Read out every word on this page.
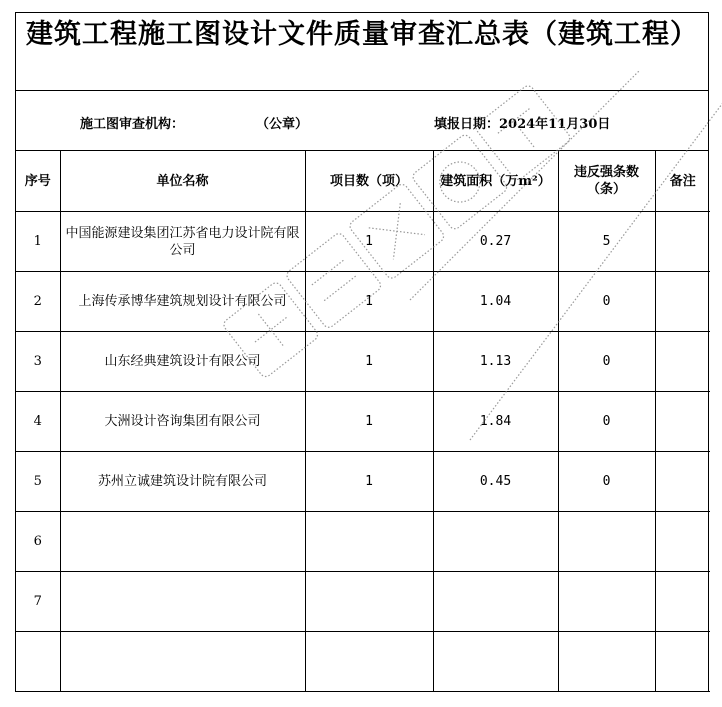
建筑工程施工图设计文件质量审查汇总表（建筑工程）
施工图审查机构：	（公章）	填报日期：2024年11月30日
序号	单位名称	项目数（项）	建筑面积（万m²）	违反强条数（条）	备注
1	中国能源建设集团江苏省电力设计院有限公司	1	0.27	5	
2	上海传承博华建筑规划设计有限公司	1	1.04	0	
3	山东经典建筑设计有限公司	1	1.13	0	
4	大洲设计咨询集团有限公司	1	1.84	0	
5	苏州立诚建筑设计院有限公司	1	0.45	0	
6					
7					
